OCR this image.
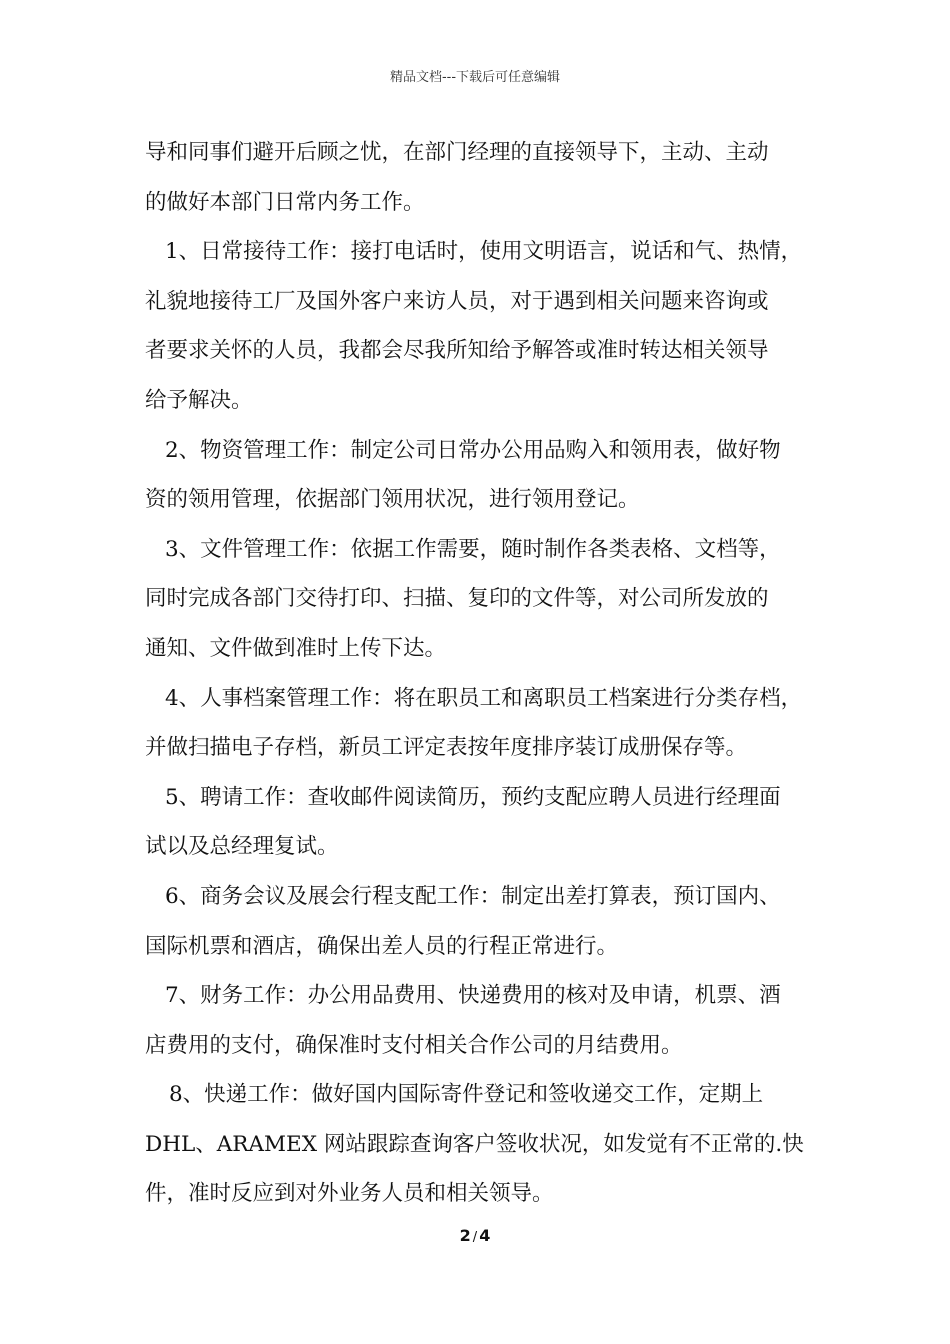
精品文档---下载后可任意编辑
导和同事们避开后顾之忧，在部门经理的直接领导下，主动、主动
的做好本部门日常内务工作。
1、日常接待工作：接打电话时，使用文明语言，说话和气、热情，
礼貌地接待工厂及国外客户来访人员，对于遇到相关问题来咨询或
者要求关怀的人员，我都会尽我所知给予解答或准时转达相关领导
给予解决。
2、物资管理工作：制定公司日常办公用品购入和领用表，做好物
资的领用管理，依据部门领用状况，进行领用登记。
3、文件管理工作：依据工作需要，随时制作各类表格、文档等，
同时完成各部门交待打印、扫描、复印的文件等，对公司所发放的
通知、文件做到准时上传下达。
4、人事档案管理工作：将在职员工和离职员工档案进行分类存档，
并做扫描电子存档，新员工评定表按年度排序装订成册保存等。
5、聘请工作：查收邮件阅读简历，预约支配应聘人员进行经理面
试以及总经理复试。
6、商务会议及展会行程支配工作：制定出差打算表，预订国内、
国际机票和酒店，确保出差人员的行程正常进行。
7、财务工作：办公用品费用、快递费用的核对及申请，机票、酒
店费用的支付，确保准时支付相关合作公司的月结费用。
8、快递工作：做好国内国际寄件登记和签收递交工作，定期上
DHL、ARAMEX 网站跟踪查询客户签收状况，如发觉有不正常的.快
件，准时反应到对外业务人员和相关领导。
2 / 4
